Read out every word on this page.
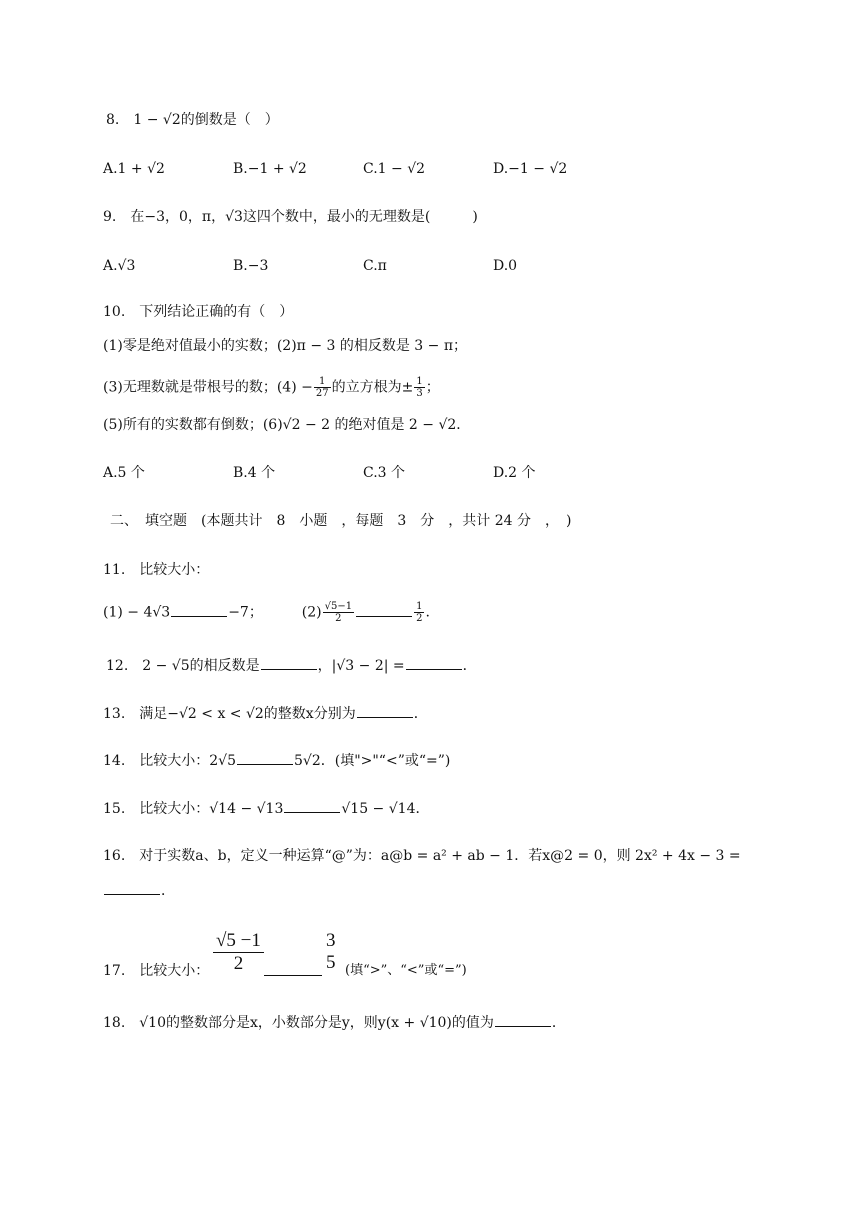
8.　1 − √2的倒数是（　）
A.1 + √2	B.−1 + √2	C.1 − √2	D.−1 − √2
9.　在−3，0，π，√3这四个数中，最小的无理数是(　　　)
A.√3	B.−3	C.π	D.0
10.　下列结论正确的有（　）
(1)零是绝对值最小的实数；(2)π − 3 的相反数是 3 − π；
(3)无理数就是带根号的数；$(4) - \frac{1}{27}$ 的立方根为± $\frac{1}{3}$ ；
(5)所有的实数都有倒数；(6)√2 − 2 的绝对值是 2 − √2．
A.5 个	B.4 个	C.3 个	D.2 个
二、　填空题　(本题共计　8　小题　，每题　3　分　，共计 24 分　，　)
11.　比较大小：
(1) − 4√3	−7；	$(2) \frac{√5-1}{2}$	$\frac{1}{2}$ .
12.　2 − √5的相反数是	，|√3 − 2| =	．
13.　满足−√2 < x < √2的整数x分别为	．
14.　比较大小：2√5	5√2．(填">"“<”或“=”)
15.　比较大小：√14 − √13	√15 − √14．
16.　对于实数a、b，定义一种运算“@”为：a@b = a² + ab − 1．若x@2 = 0，则 2x² + 4x − 3 =
．
17.　比较大小： $\frac{√5 -1}{2}$	3
5 (填“>”、“<”或“=”)
18.　√10的整数部分是x，小数部分是y，则y(x + √10)的值为	．
